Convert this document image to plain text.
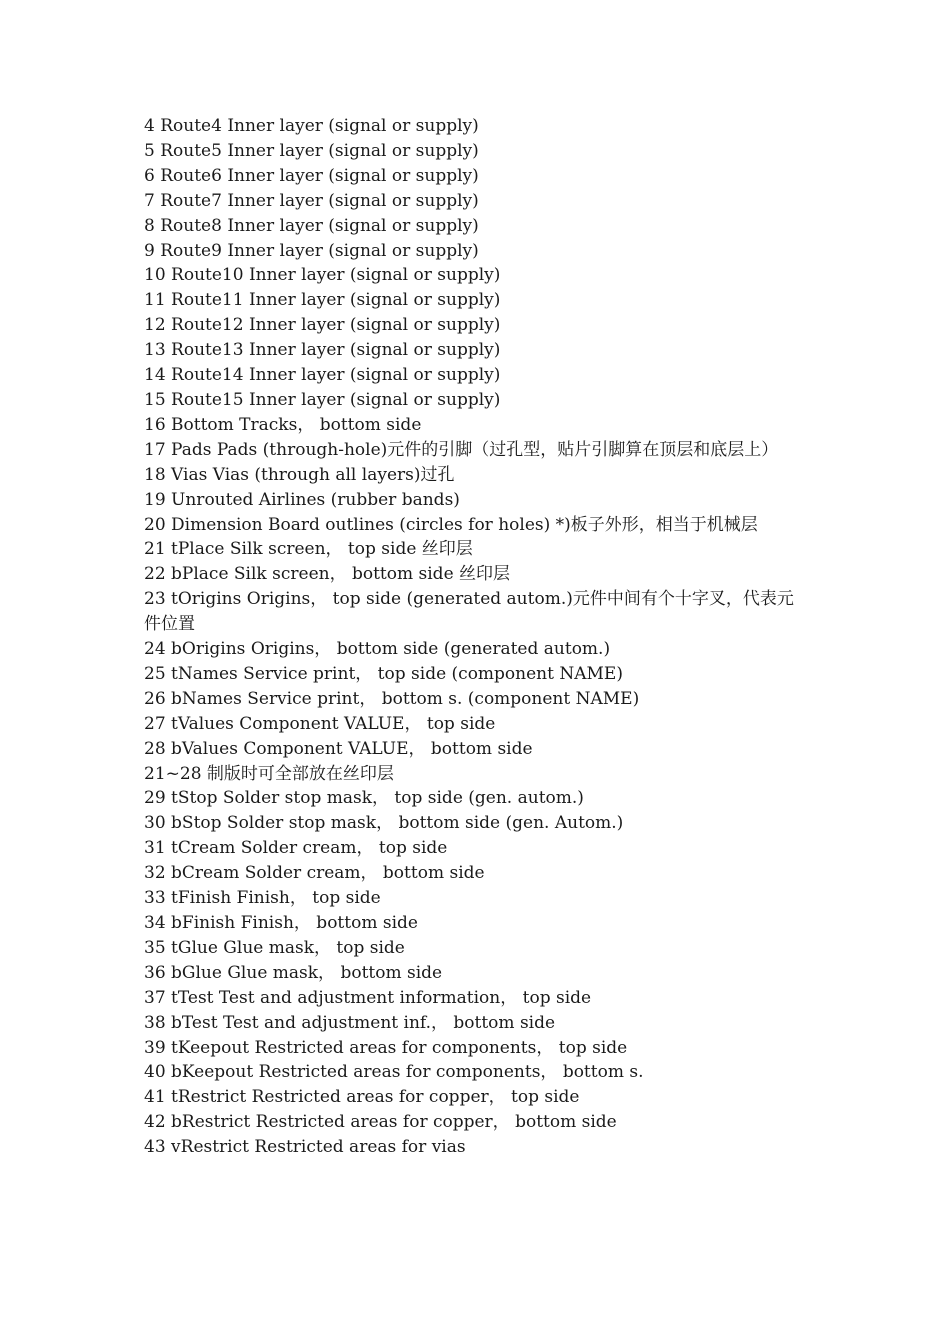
4 Route4 Inner layer (signal or supply)

5 Route5 Inner layer (signal or supply)

6 Route6 Inner layer (signal or supply)

7 Route7 Inner layer (signal or supply)

8 Route8 Inner layer (signal or supply)

9 Route9 Inner layer (signal or supply)

10 Route10 Inner layer (signal or supply)

11 Route11 Inner layer (signal or supply)

12 Route12 Inner layer (signal or supply)

13 Route13 Inner layer (signal or supply)

14 Route14 Inner layer (signal or supply)

15 Route15 Inner layer (signal or supply)

16 Bottom Tracks， bottom side

17 Pads Pads (through-hole)元件的引脚（过孔型，贴片引脚算在顶层和底层上）

18 Vias Vias (through all layers)过孔

19 Unrouted Airlines (rubber bands)

20 Dimension Board outlines (circles for holes) *)板子外形，相当于机械层

21 tPlace Silk screen， top side 丝印层

22 bPlace Silk screen， bottom side 丝印层

23 tOrigins Origins， top side (generated autom.)元件中间有个十字叉，代表元件位置

24 bOrigins Origins， bottom side (generated autom.)

25 tNames Service print， top side (component NAME)

26 bNames Service print， bottom s. (component NAME)

27 tValues Component VALUE， top side

28 bValues Component VALUE， bottom side

21~28 制版时可全部放在丝印层

29 tStop Solder stop mask， top side (gen. autom.)

30 bStop Solder stop mask， bottom side (gen. Autom.)

31 tCream Solder cream， top side

32 bCream Solder cream， bottom side

33 tFinish Finish， top side

34 bFinish Finish， bottom side

35 tGlue Glue mask， top side

36 bGlue Glue mask， bottom side

37 tTest Test and adjustment information， top side

38 bTest Test and adjustment inf.， bottom side

39 tKeepout Restricted areas for components， top side

40 bKeepout Restricted areas for components， bottom s.

41 tRestrict Restricted areas for copper， top side

42 bRestrict Restricted areas for copper， bottom side

43 vRestrict Restricted areas for vias
